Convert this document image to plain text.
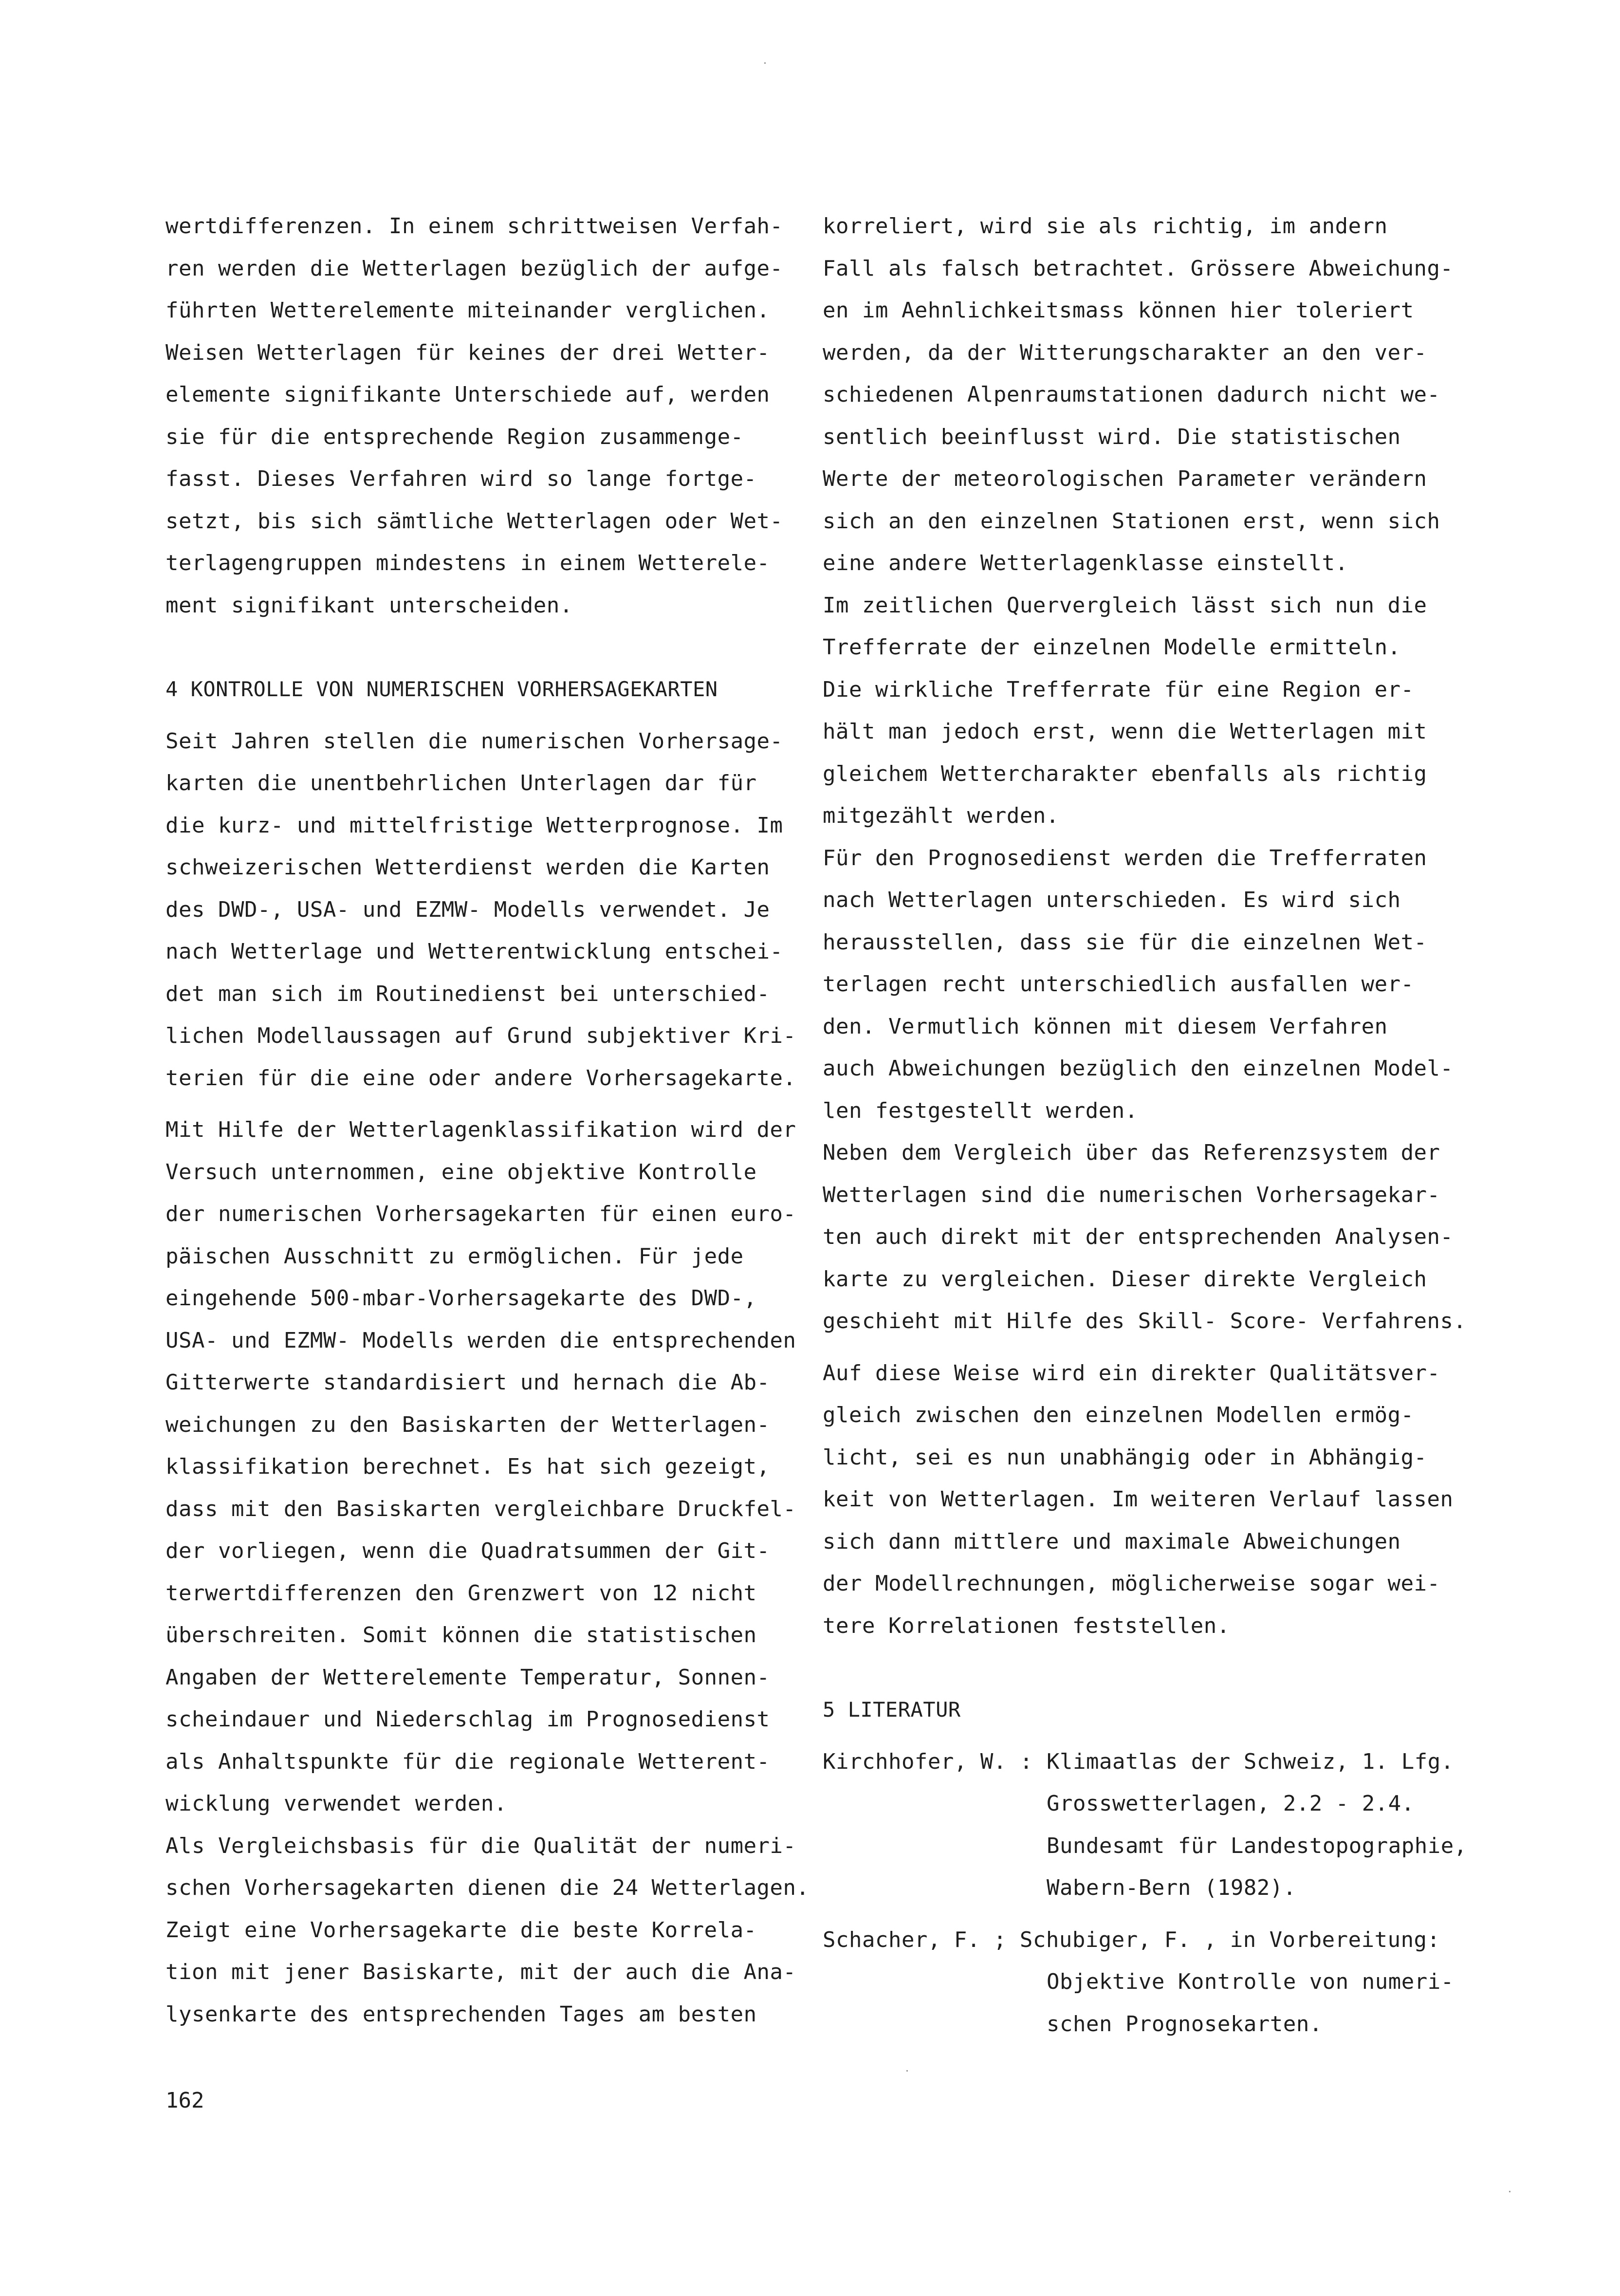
wertdifferenzen. In einem schrittweisen Verfah-
ren werden die Wetterlagen bezüglich der aufge-
führten Wetterelemente miteinander verglichen.
Weisen Wetterlagen für keines der drei Wetter-
elemente signifikante Unterschiede auf, werden
sie für die entsprechende Region zusammenge-
fasst. Dieses Verfahren wird so lange fortge-
setzt, bis sich sämtliche Wetterlagen oder Wet-
terlagengruppen mindestens in einem Wetterele-
ment signifikant unterscheiden.

4 KONTROLLE VON NUMERISCHEN VORHERSAGEKARTEN

Seit Jahren stellen die numerischen Vorhersage-
karten die unentbehrlichen Unterlagen dar für
die kurz- und mittelfristige Wetterprognose. Im
schweizerischen Wetterdienst werden die Karten
des DWD-, USA- und EZMW- Modells verwendet. Je
nach Wetterlage und Wetterentwicklung entschei-
det man sich im Routinedienst bei unterschied-
lichen Modellaussagen auf Grund subjektiver Kri-
terien für die eine oder andere Vorhersagekarte.

Mit Hilfe der Wetterlagenklassifikation wird der
Versuch unternommen, eine objektive Kontrolle
der numerischen Vorhersagekarten für einen euro-
päischen Ausschnitt zu ermöglichen. Für jede
eingehende 500-mbar-Vorhersagekarte des DWD-,
USA- und EZMW- Modells werden die entsprechenden
Gitterwerte standardisiert und hernach die Ab-
weichungen zu den Basiskarten der Wetterlagen-
klassifikation berechnet. Es hat sich gezeigt,
dass mit den Basiskarten vergleichbare Druckfel-
der vorliegen, wenn die Quadratsummen der Git-
terwertdifferenzen den Grenzwert von 12 nicht
überschreiten. Somit können die statistischen
Angaben der Wetterelemente Temperatur, Sonnen-
scheindauer und Niederschlag im Prognosedienst
als Anhaltspunkte für die regionale Wetterent-
wicklung verwendet werden.
Als Vergleichsbasis für die Qualität der numeri-
schen Vorhersagekarten dienen die 24 Wetterlagen.
Zeigt eine Vorhersagekarte die beste Korrela-
tion mit jener Basiskarte, mit der auch die Ana-
lysenkarte des entsprechenden Tages am besten

korreliert, wird sie als richtig, im andern
Fall als falsch betrachtet. Grössere Abweichung-
en im Aehnlichkeitsmass können hier toleriert
werden, da der Witterungscharakter an den ver-
schiedenen Alpenraumstationen dadurch nicht we-
sentlich beeinflusst wird. Die statistischen
Werte der meteorologischen Parameter verändern
sich an den einzelnen Stationen erst, wenn sich
eine andere Wetterlagenklasse einstellt.
Im zeitlichen Quervergleich lässt sich nun die
Trefferrate der einzelnen Modelle ermitteln.
Die wirkliche Trefferrate für eine Region er-
hält man jedoch erst, wenn die Wetterlagen mit
gleichem Wettercharakter ebenfalls als richtig
mitgezählt werden.
Für den Prognosedienst werden die Trefferraten
nach Wetterlagen unterschieden. Es wird sich
herausstellen, dass sie für die einzelnen Wet-
terlagen recht unterschiedlich ausfallen wer-
den. Vermutlich können mit diesem Verfahren
auch Abweichungen bezüglich den einzelnen Model-
len festgestellt werden.
Neben dem Vergleich über das Referenzsystem der
Wetterlagen sind die numerischen Vorhersagekar-
ten auch direkt mit der entsprechenden Analysen-
karte zu vergleichen. Dieser direkte Vergleich
geschieht mit Hilfe des Skill- Score- Verfahrens.

Auf diese Weise wird ein direkter Qualitätsver-
gleich zwischen den einzelnen Modellen ermög-
licht, sei es nun unabhängig oder in Abhängig-
keit von Wetterlagen. Im weiteren Verlauf lassen
sich dann mittlere und maximale Abweichungen
der Modellrechnungen, möglicherweise sogar wei-
tere Korrelationen feststellen.

5 LITERATUR

Kirchhofer, W. : Klimaatlas der Schweiz, 1. Lfg.
Grosswetterlagen, 2.2 - 2.4.
Bundesamt für Landestopographie,
Wabern-Bern (1982).

Schacher, F. ; Schubiger, F. , in Vorbereitung:

Objektive Kontrolle von numeri-
schen Prognosekarten.

162
